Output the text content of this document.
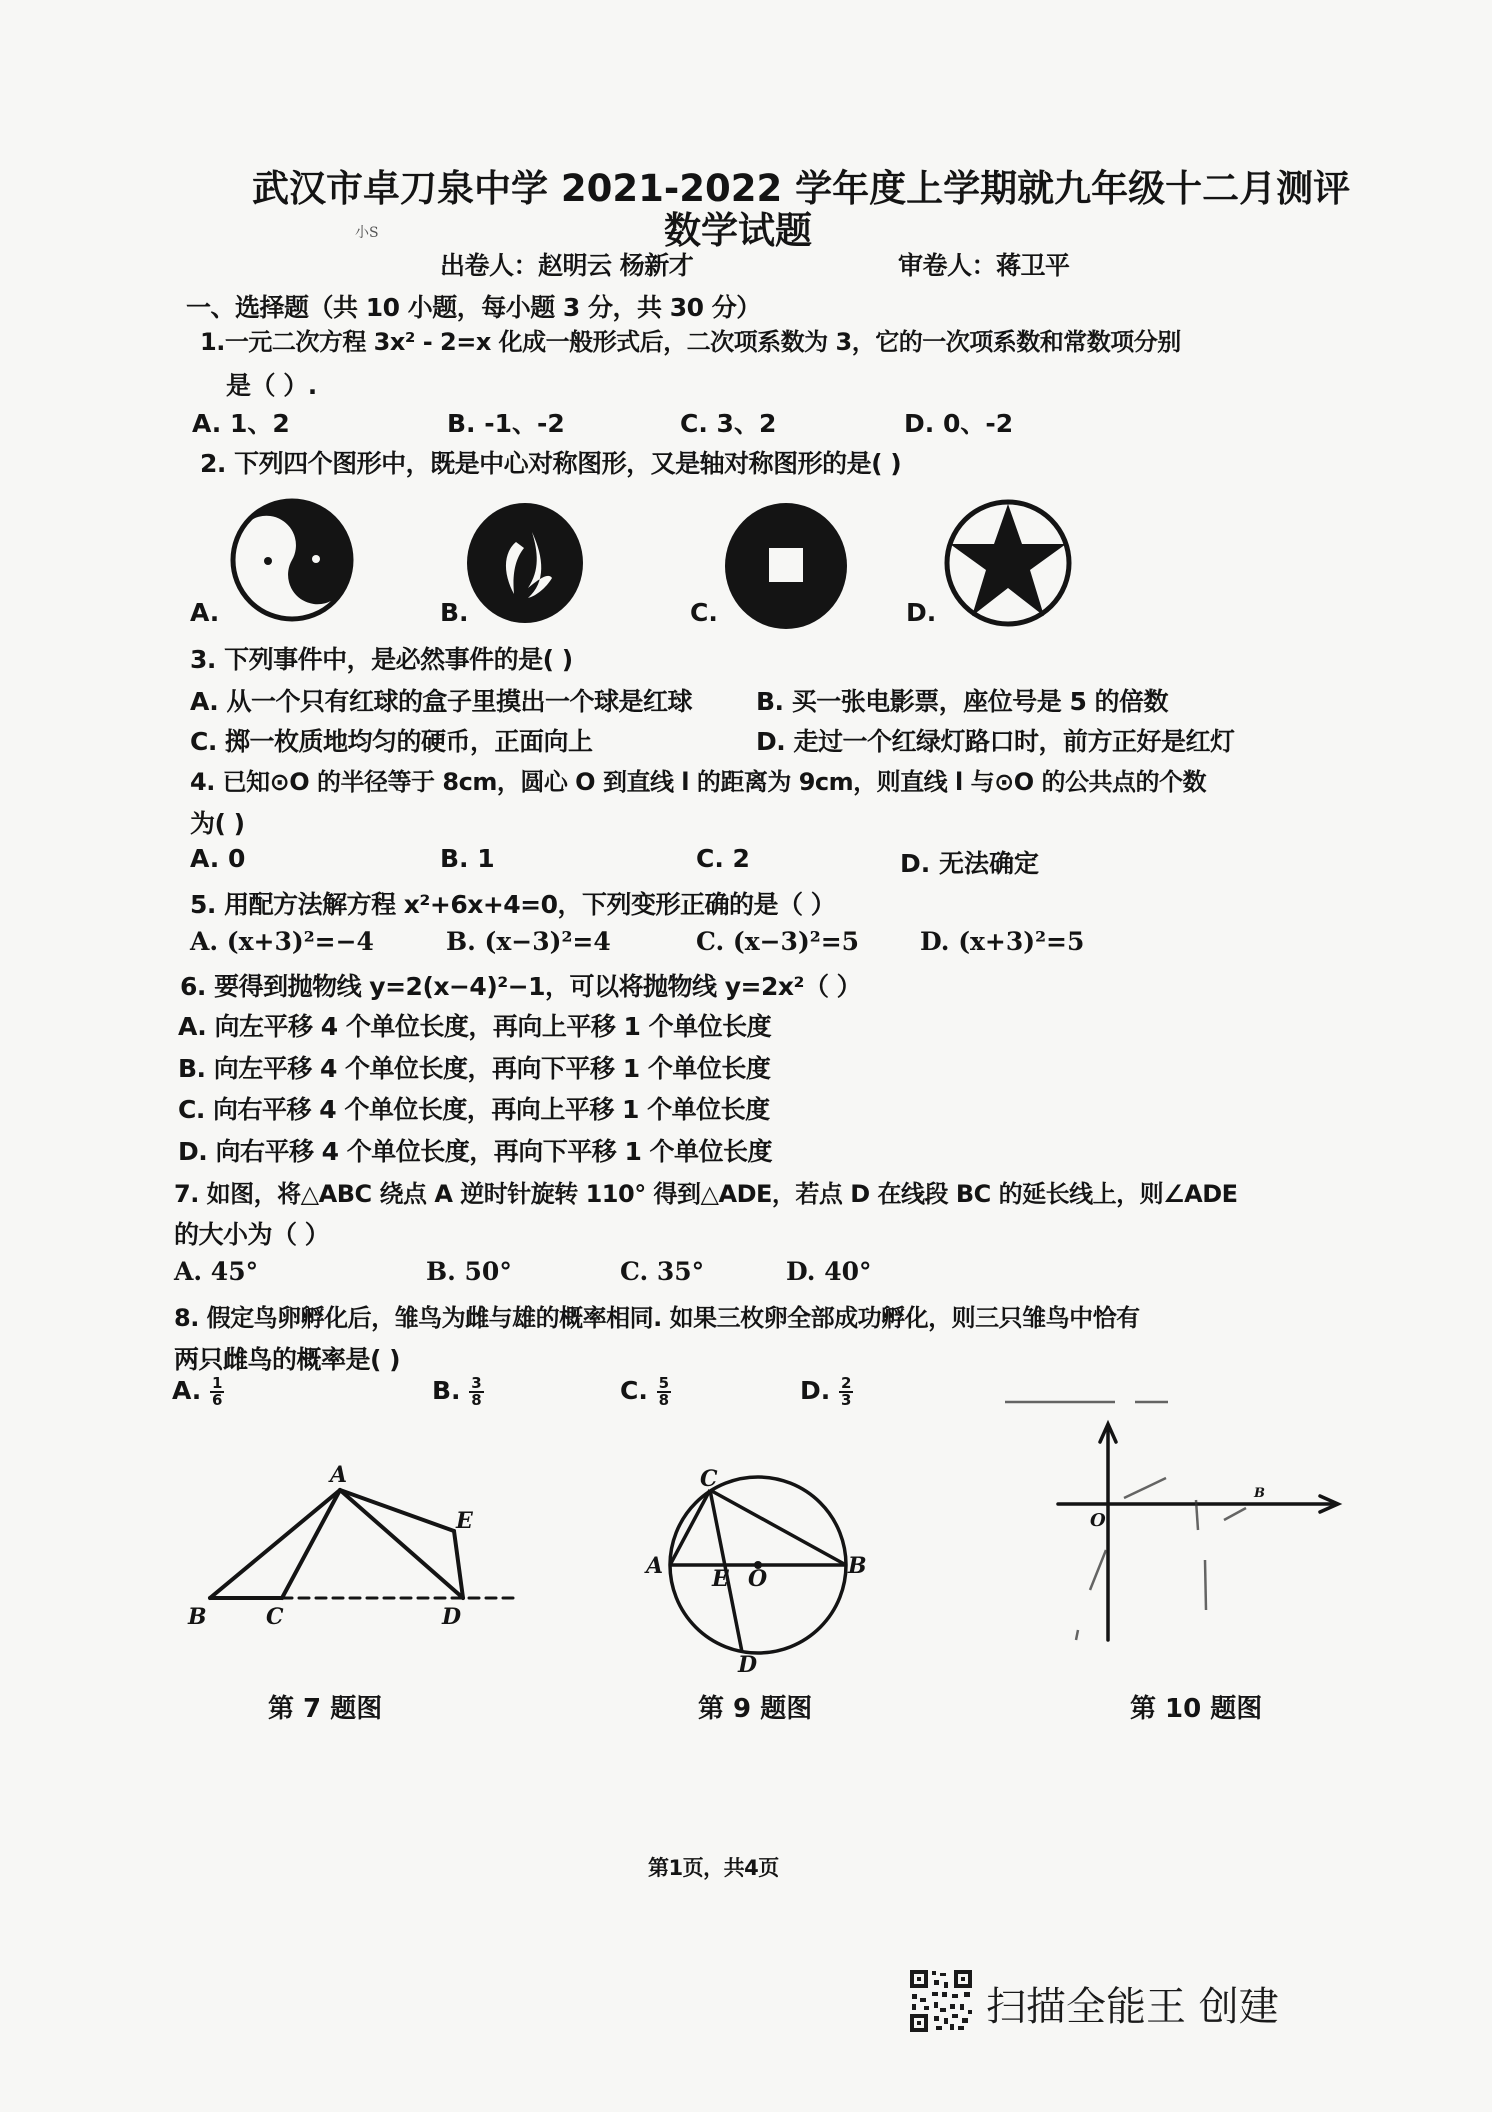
武汉市卓刀泉中学 2021-2022 学年度上学期就九年级十二月测评
数学试题
小S
出卷人：赵明云 杨新才	审卷人：蒋卫平
一、选择题（共 10 小题，每小题 3 分，共 30 分）
1.一元二次方程 3x² - 2=x 化成一般形式后，二次项系数为 3，它的一次项系数和常数项分别
是（ ）.
A. 1、2	B. -1、-2	C. 3、2	D. 0、-2
2. 下列四个图形中，既是中心对称图形，又是轴对称图形的是( )
A.	B.	C.	D.
3. 下列事件中，是必然事件的是( )
A. 从一个只有红球的盒子里摸出一个球是红球	B. 买一张电影票，座位号是 5 的倍数
C. 掷一枚质地均匀的硬币，正面向上	D. 走过一个红绿灯路口时，前方正好是红灯
4. 已知⊙O 的半径等于 8cm，圆心 O 到直线 l 的距离为 9cm，则直线 l 与⊙O 的公共点的个数
为( )
A. 0	B. 1	C. 2	D. 无法确定
5. 用配方法解方程 x²+6x+4=0，下列变形正确的是（ ）
A. (x+3)²=−4	B. (x−3)²=4	C. (x−3)²=5 D. (x+3)²=5
6. 要得到抛物线 y=2(x−4)²−1，可以将抛物线 y=2x²（ ）
A. 向左平移 4 个单位长度，再向上平移 1 个单位长度
B. 向左平移 4 个单位长度，再向下平移 1 个单位长度
C. 向右平移 4 个单位长度，再向上平移 1 个单位长度
D. 向右平移 4 个单位长度，再向下平移 1 个单位长度
7. 如图，将△ABC 绕点 A 逆时针旋转 110° 得到△ADE，若点 D 在线段 BC 的延长线上，则∠ADE
的大小为（ ）
A. 45°	B. 50°	C. 35°	D. 40°
8. 假定鸟卵孵化后，雏鸟为雌与雄的概率相同. 如果三枚卵全部成功孵化，则三只雏鸟中恰有
两只雌鸟的概率是( )
A. $\frac{1}{6}$	B. $\frac{3}{8}$	C. $\frac{5}{8}$	D. $\frac{2}{3}$
A
B	C	D
E
第 7 题图
A	B
C
D
E O
第 9 题图
O
B
第 10 题图
第1页，共4页
扫描全能王 创建
